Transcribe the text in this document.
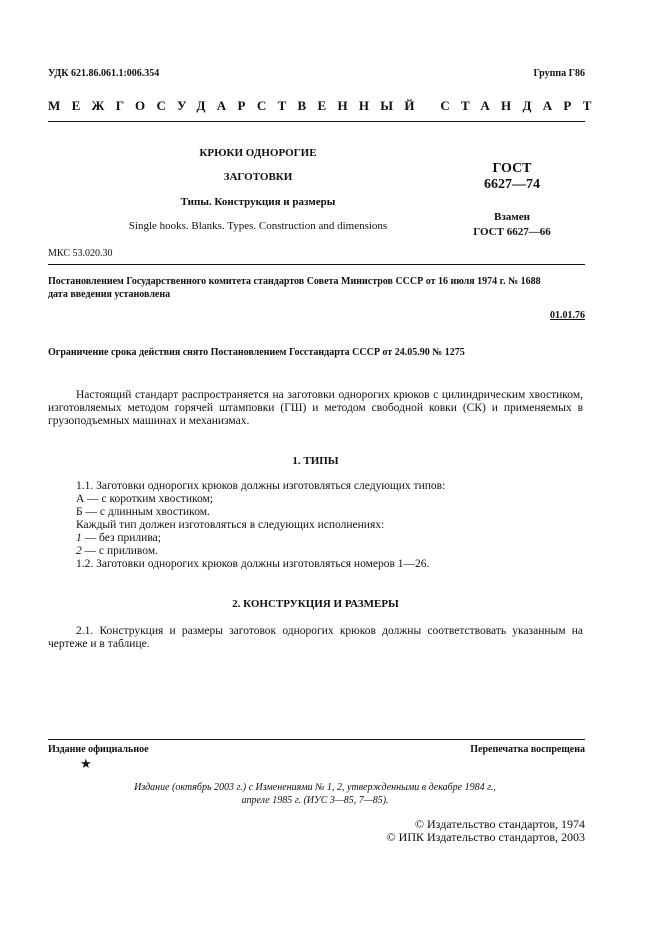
УДК 621.86.061.1:006.354	Группа Г86
МЕЖГОСУДАРСТВЕННЫЙ СТАНДАРТ
КРЮКИ ОДНОРОГИЕ
ЗАГОТОВКИ
Типы. Конструкция и размеры
Single hooks. Blanks. Types. Construction and dimensions
ГОСТ
6627—74
Взамен
ГОСТ 6627—66
МКС 53.020.30
Постановлением Государственного комитета стандартов Совета Министров СССР от 16 июля 1974 г. № 1688
дата введения установлена
01.01.76
Ограничение срока действия снято Постановлением Госстандарта СССР от 24.05.90 № 1275
Настоящий стандарт распространяется на заготовки однорогих крюков с цилиндрическим хвостиком, изготовляемых методом горячей штамповки (ГШ) и методом свободной ковки (СК) и применяемых в грузоподъемных машинах и механизмах.
1. ТИПЫ
1.1. Заготовки однорогих крюков должны изготовляться следующих типов:
А — с коротким хвостиком;
Б — с длинным хвостиком.
Каждый тип должен изготовляться в следующих исполнениях:
1 — без прилива;
2 — с приливом.
1.2. Заготовки однорогих крюков должны изготовляться номеров 1—26.
2. КОНСТРУКЦИЯ И РАЗМЕРЫ
2.1. Конструкция и размеры заготовок однорогих крюков должны соответствовать указанным на чертеже и в таблице.
Издание официальное	Перепечатка воспрещена
★
Издание (октябрь 2003 г.) с Изменениями № 1, 2, утвержденными в декабре 1984 г.,
апреле 1985 г. (ИУС 3—85, 7—85).
© Издательство стандартов, 1974
© ИПК Издательство стандартов, 2003
